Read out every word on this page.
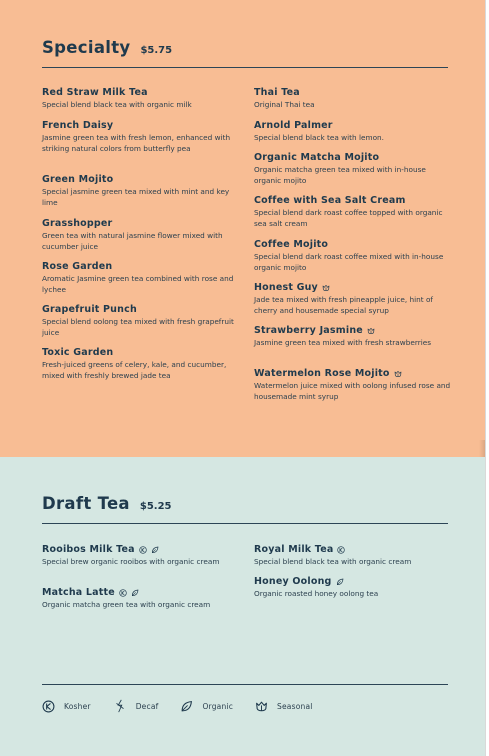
Specialty $5.75
Red Straw Milk Tea
Special blend black tea with organic milk
French Daisy
Jasmine green tea with fresh lemon, enhanced with striking natural colors from butterfly pea
Green Mojito
Special jasmine green tea mixed with mint and key lime
Grasshopper
Green tea with natural jasmine flower mixed with cucumber juice
Rose Garden
Aromatic Jasmine green tea combined with rose and lychee
Grapefruit Punch
Special blend oolong tea mixed with fresh grapefruit juice
Toxic Garden
Fresh-juiced greens of celery, kale, and cucumber, mixed with freshly brewed jade tea
Thai Tea
Original Thai tea
Arnold Palmer
Special blend black tea with lemon.
Organic Matcha Mojito
Organic matcha green tea mixed with in-house organic mojito
Coffee with Sea Salt Cream
Special blend dark roast coffee topped with organic sea salt cream
Coffee Mojito
Special blend dark roast coffee mixed with in-house organic mojito
Honest Guy
Jade tea mixed with fresh pineapple juice, hint of cherry and housemade special syrup
Strawberry Jasmine
Jasmine green tea mixed with fresh strawberries
Watermelon Rose Mojito
Watermelon juice mixed with oolong infused rose and housemade mint syrup
Draft Tea $5.25
Rooibos Milk Tea
Special brew organic rooibos with organic cream
Matcha Latte
Organic matcha green tea with organic cream
Royal Milk Tea
Special blend black tea with organic cream
Honey Oolong
Organic roasted honey oolong tea
Kosher	Decaf	Organic	Seasonal
